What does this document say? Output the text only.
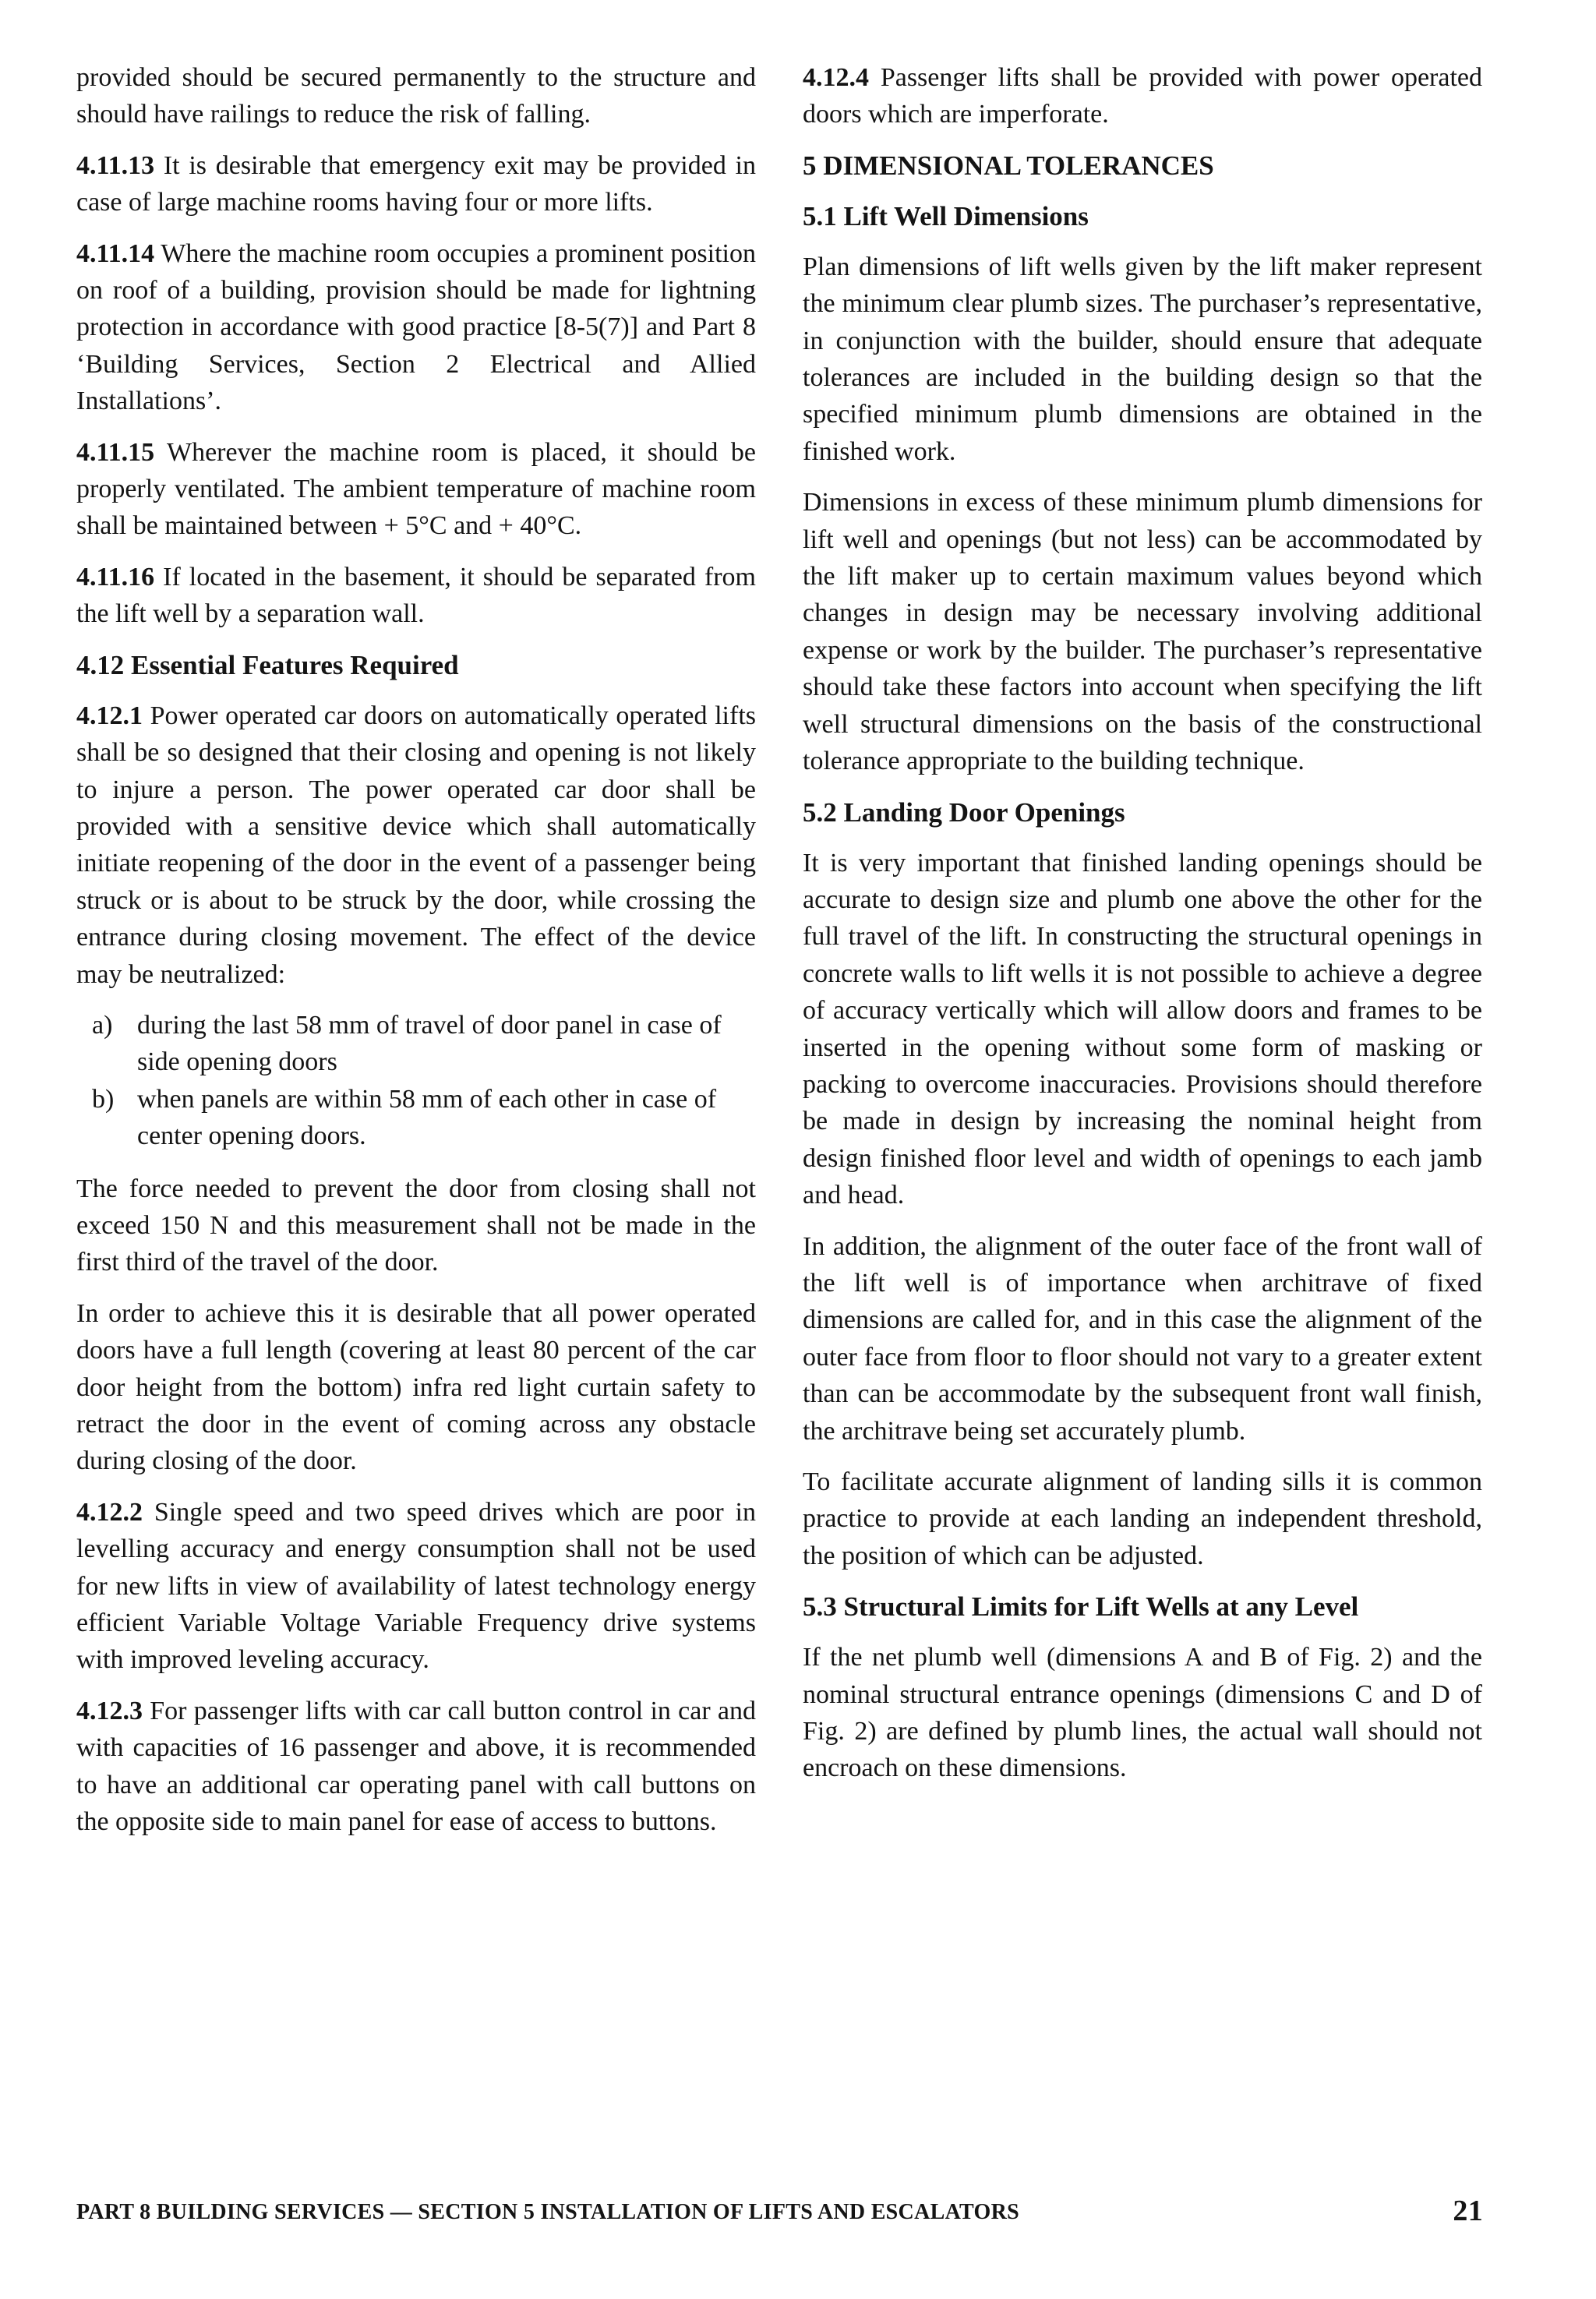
provided should be secured permanently to the structure and should have railings to reduce the risk of falling.

4.11.13 It is desirable that emergency exit may be provided in case of large machine rooms having four or more lifts.

4.11.14 Where the machine room occupies a prominent position on roof of a building, provision should be made for lightning protection in accordance with good practice [8-5(7)] and Part 8 ‘Building Services, Section 2 Electrical and Allied Installations’.

4.11.15 Wherever the machine room is placed, it should be properly ventilated. The ambient temperature of machine room shall be maintained between + 5°C and + 40°C.

4.11.16 If located in the basement, it should be separated from the lift well by a separation wall.

4.12 Essential Features Required

4.12.1 Power operated car doors on automatically operated lifts shall be so designed that their closing and opening is not likely to injure a person. The power operated car door shall be provided with a sensitive device which shall automatically initiate reopening of the door in the event of a passenger being struck or is about to be struck by the door, while crossing the entrance during closing movement. The effect of the device may be neutralized:

a) during the last 58 mm of travel of door panel in case of side opening doors
b) when panels are within 58 mm of each other in case of center opening doors.

The force needed to prevent the door from closing shall not exceed 150 N and this measurement shall not be made in the first third of the travel of the door.

In order to achieve this it is desirable that all power operated doors have a full length (covering at least 80 percent of the car door height from the bottom) infra red light curtain safety to retract the door in the event of coming across any obstacle during closing of the door.

4.12.2 Single speed and two speed drives which are poor in levelling accuracy and energy consumption shall not be used for new lifts in view of availability of latest technology energy efficient Variable Voltage Variable Frequency drive systems with improved leveling accuracy.

4.12.3 For passenger lifts with car call button control in car and with capacities of 16 passenger and above, it is recommended to have an additional car operating panel with call buttons on the opposite side to main panel for ease of access to buttons.

4.12.4 Passenger lifts shall be provided with power operated doors which are imperforate.

5 DIMENSIONAL TOLERANCES
5.1 Lift Well Dimensions

Plan dimensions of lift wells given by the lift maker represent the minimum clear plumb sizes. The purchaser’s representative, in conjunction with the builder, should ensure that adequate tolerances are included in the building design so that the specified minimum plumb dimensions are obtained in the finished work.

Dimensions in excess of these minimum plumb dimensions for lift well and openings (but not less) can be accommodated by the lift maker up to certain maximum values beyond which changes in design may be necessary involving additional expense or work by the builder. The purchaser’s representative should take these factors into account when specifying the lift well structural dimensions on the basis of the constructional tolerance appropriate to the building technique.

5.2 Landing Door Openings

It is very important that finished landing openings should be accurate to design size and plumb one above the other for the full travel of the lift. In constructing the structural openings in concrete walls to lift wells it is not possible to achieve a degree of accuracy vertically which will allow doors and frames to be inserted in the opening without some form of masking or packing to overcome inaccuracies. Provisions should therefore be made in design by increasing the nominal height from design finished floor level and width of openings to each jamb and head.

In addition, the alignment of the outer face of the front wall of the lift well is of importance when architrave of fixed dimensions are called for, and in this case the alignment of the outer face from floor to floor should not vary to a greater extent than can be accommodate by the subsequent front wall finish, the architrave being set accurately plumb.

To facilitate accurate alignment of landing sills it is common practice to provide at each landing an independent threshold, the position of which can be adjusted.

5.3 Structural Limits for Lift Wells at any Level

If the net plumb well (dimensions A and B of Fig. 2) and the nominal structural entrance openings (dimensions C and D of Fig. 2) are defined by plumb lines, the actual wall should not encroach on these dimensions.

PART 8 BUILDING SERVICES — SECTION 5 INSTALLATION OF LIFTS AND ESCALATORS	21
